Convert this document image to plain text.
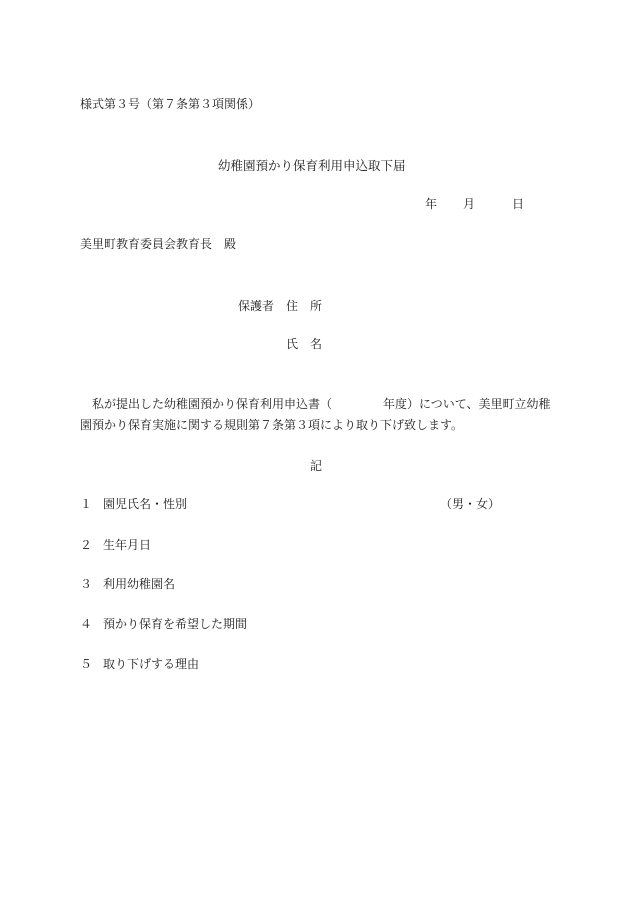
様式第３号（第７条第３項関係）
幼稚園預かり保育利用申込取下届
年 月	日
美里町教育委員会教育長　殿
保護者　住　所
氏　名
私が提出した幼稚園預かり保育利用申込書（	年度）について、美里町立幼稚
園預かり保育実施に関する規則第７条第３項により取り下げ致します。
記
１ 園児氏名・性別	（男・女）
２ 生年月日
３ 利用幼稚園名
４ 預かり保育を希望した期間
５ 取り下げする理由
